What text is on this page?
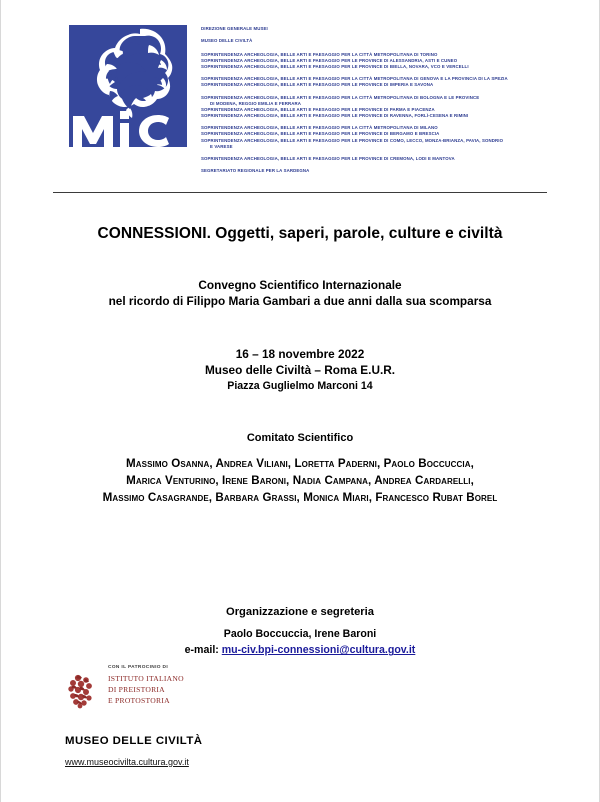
DIREZIONE GENERALE MUSEI
MUSEO DELLE CIVILTÀ
SOPRINTENDENZA ARCHEOLOGIA, BELLE ARTI E PAESAGGIO PER LA CITTÀ METROPOLITANA DI TORINO
SOPRINTENDENZA ARCHEOLOGIA, BELLE ARTI E PAESAGGIO PER LE PROVINCE DI ALESSANDRIA, ASTI E CUNEO
SOPRINTENDENZA ARCHEOLOGIA, BELLE ARTI E PAESAGGIO PER LE PROVINCE DI BIELLA, NOVARA, VCO E VERCELLI
SOPRINTENDENZA ARCHEOLOGIA, BELLE ARTI E PAESAGGIO PER LA CITTÀ METROPOLITANA DI GENOVA E LA PROVINCIA DI LA SPEZIA
SOPRINTENDENZA ARCHEOLOGIA, BELLE ARTI E PAESAGGIO PER LE PROVINCE DI IMPERIA E SAVONA
SOPRINTENDENZA ARCHEOLOGIA, BELLE ARTI E PAESAGGIO PER LA CITTÀ METROPOLITANA DI BOLOGNA E LE PROVINCE
DI MODENA, REGGIO EMILIA E FERRARA
SOPRINTENDENZA ARCHEOLOGIA, BELLE ARTI E PAESAGGIO PER LE PROVINCE DI PARMA E PIACENZA
SOPRINTENDENZA ARCHEOLOGIA, BELLE ARTI E PAESAGGIO PER LE PROVINCE DI RAVENNA, FORLÌ-CESENA E RIMINI
SOPRINTENDENZA ARCHEOLOGIA, BELLE ARTI E PAESAGGIO PER LA CITTÀ METROPOLITANA DI MILANO
SOPRINTENDENZA ARCHEOLOGIA, BELLE ARTI E PAESAGGIO PER LE PROVINCE DI BERGAMO E BRESCIA
SOPRINTENDENZA ARCHEOLOGIA, BELLE ARTI E PAESAGGIO PER LE PROVINCE DI COMO, LECCO, MONZA-BRIANZA, PAVIA, SONDRIO
E VARESE
SOPRINTENDENZA ARCHEOLOGIA, BELLE ARTI E PAESAGGIO PER LE PROVINCE DI CREMONA, LODI E MANTOVA
SEGRETARIATO REGIONALE PER LA SARDEGNA
CONNESSIONI. Oggetti, saperi, parole, culture e civiltà
Convegno Scientifico Internazionale
nel ricordo di Filippo Maria Gambari a due anni dalla sua scomparsa
16 – 18 novembre 2022
Museo delle Civiltà – Roma E.U.R.
Piazza Guglielmo Marconi 14
Comitato Scientifico
Massimo Osanna, Andrea Viliani, Loretta Paderni, Paolo Boccuccia,
Marica Venturino, Irene Baroni, Nadia Campana, Andrea Cardarelli,
Massimo Casagrande, Barbara Grassi, Monica Miari, Francesco Rubat Borel
Organizzazione e segreteria
Paolo Boccuccia, Irene Baroni
e-mail: mu-civ.bpi-connessioni@cultura.gov.it
CON IL PATROCINIO DI
ISTITUTO ITALIANO
DI PREISTORIA
E PROTOSTORIA
MUSEO DELLE CIVILTÀ
www.museocivilta.cultura.gov.it
